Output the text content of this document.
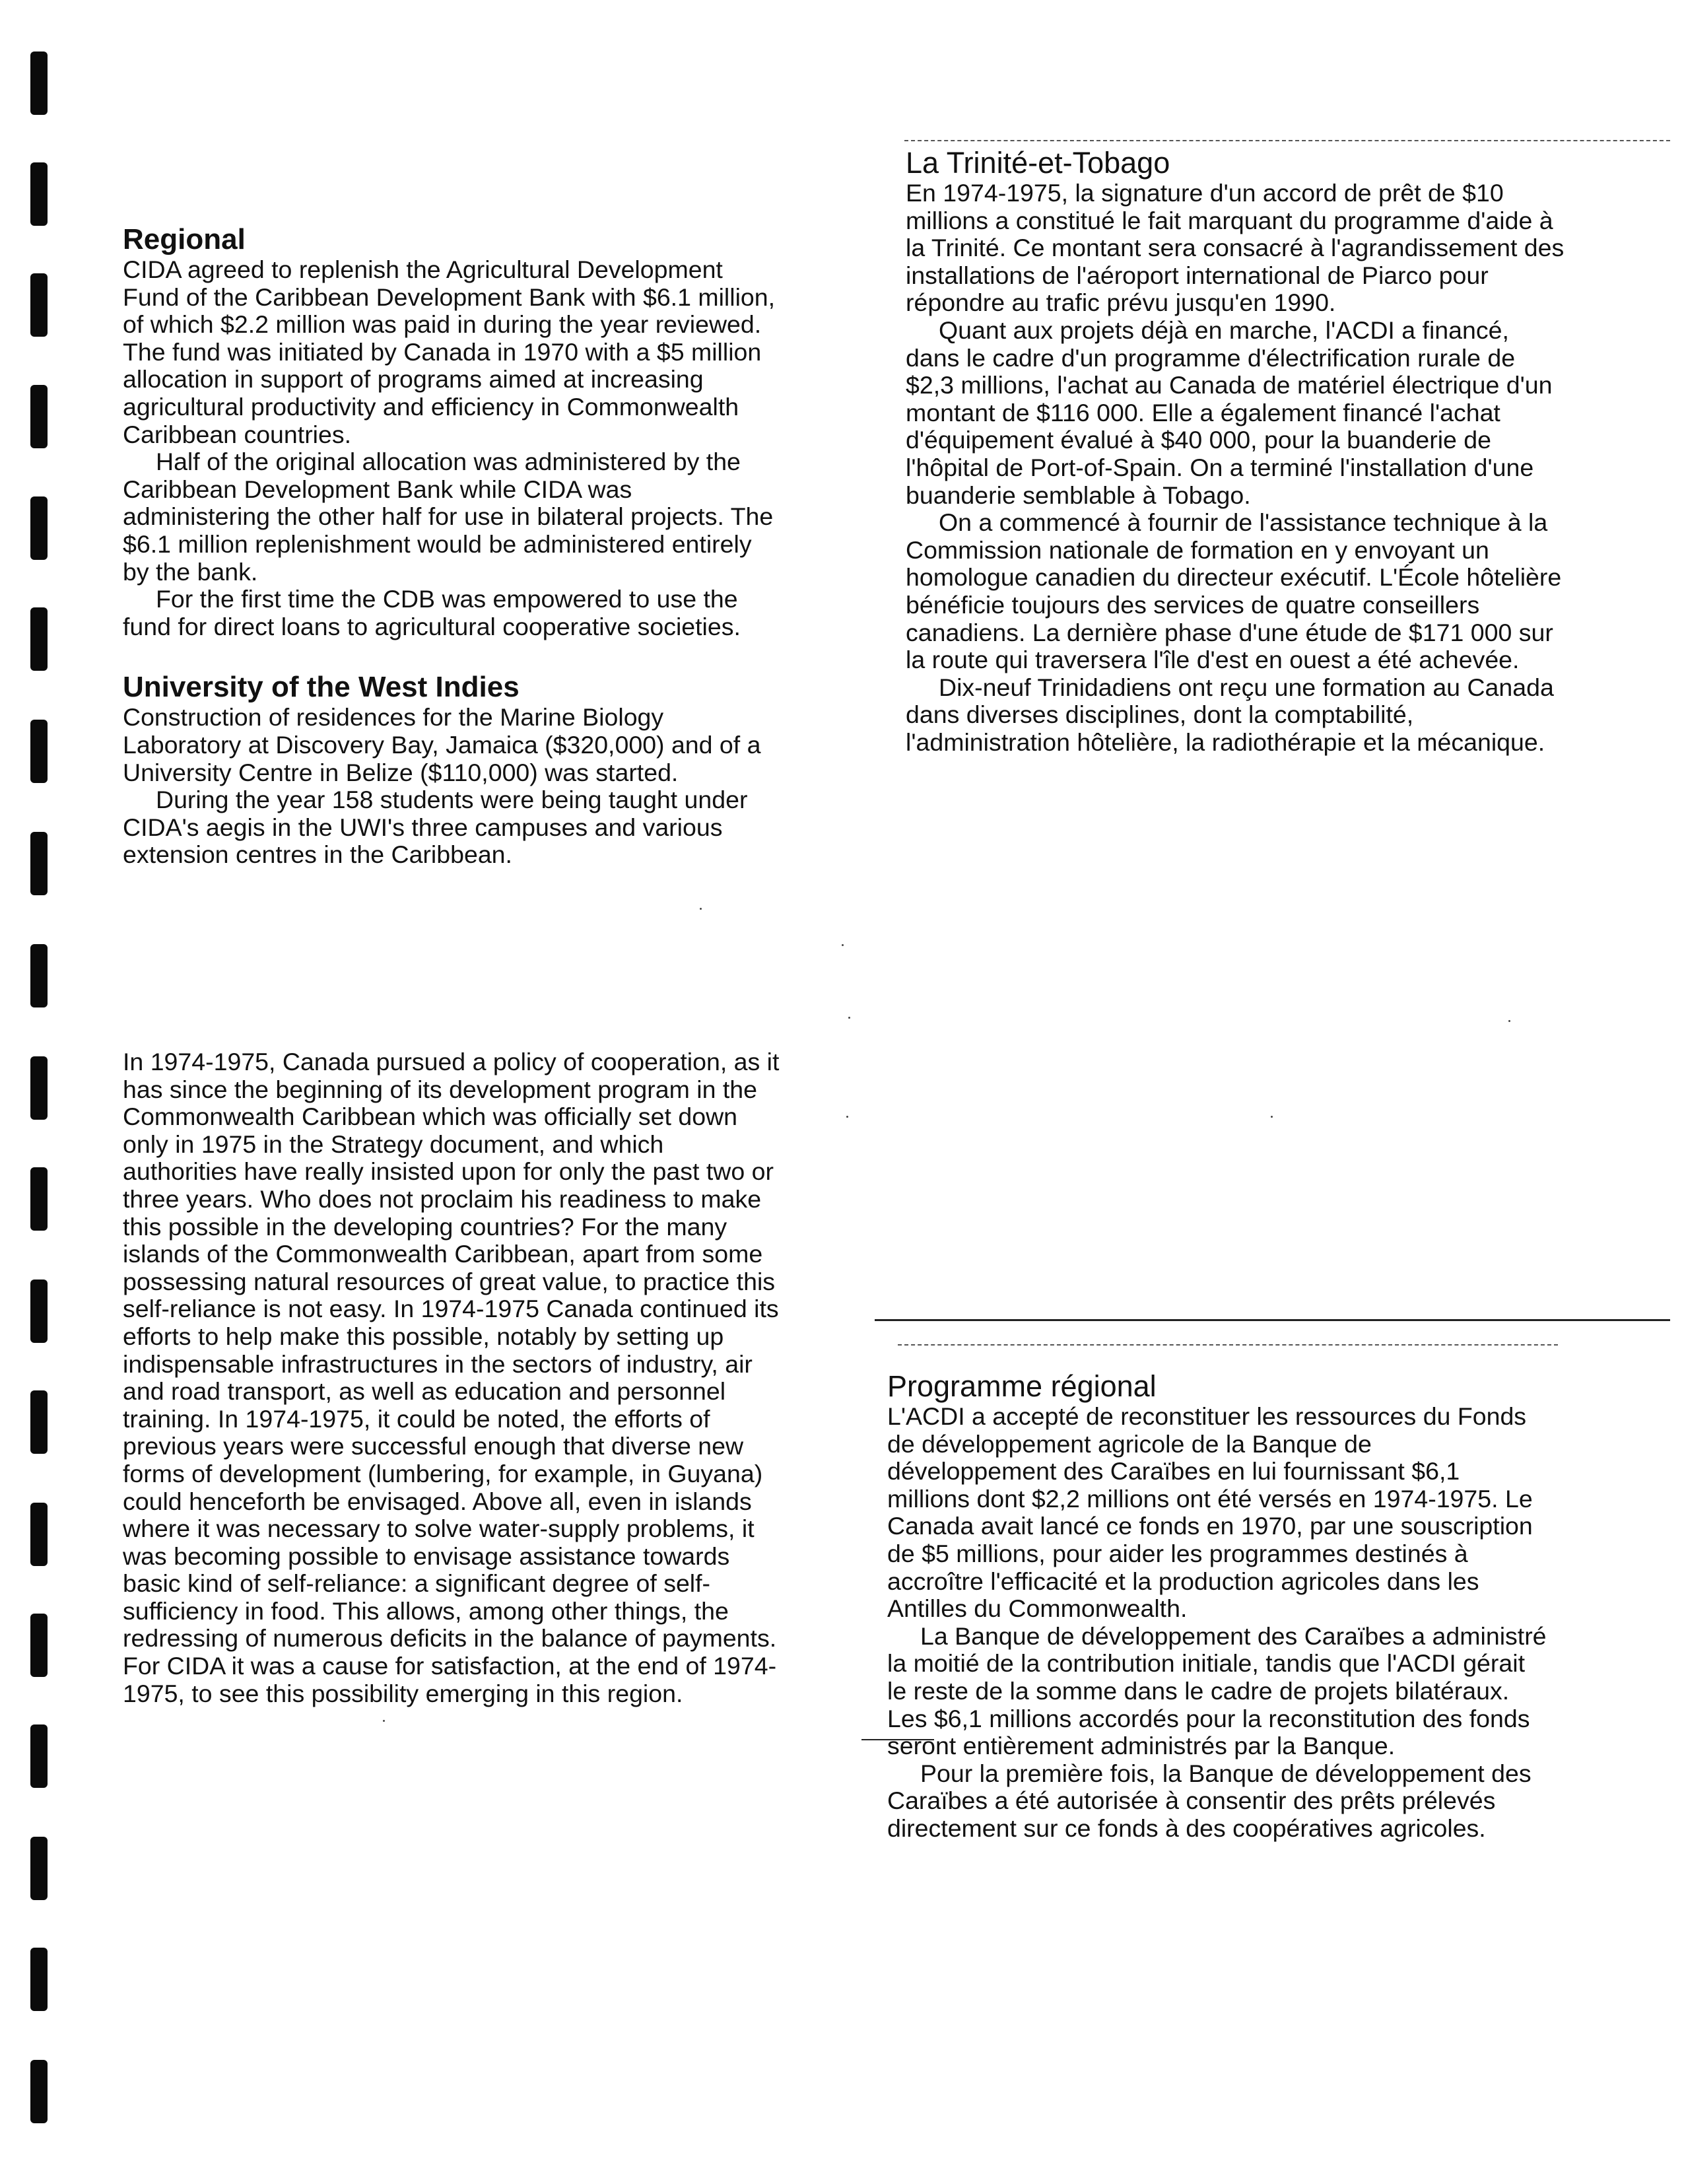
Regional

CIDA agreed to replenish the Agricultural Development Fund of the Caribbean Development Bank with $6.1 million, of which $2.2 million was paid in during the year reviewed. The fund was initiated by Canada in 1970 with a $5 million allocation in support of programs aimed at increasing agricultural productivity and efficiency in Commonwealth Caribbean countries.

Half of the original allocation was administered by the Caribbean Development Bank while CIDA was administering the other half for use in bilateral projects. The $6.1 million replenishment would be administered entirely by the bank.

For the first time the CDB was empowered to use the fund for direct loans to agricultural cooperative societies.

University of the West Indies

Construction of residences for the Marine Biology Laboratory at Discovery Bay, Jamaica ($320,000) and of a University Centre in Belize ($110,000) was started.

During the year 158 students were being taught under CIDA's aegis in the UWI's three campuses and various extension centres in the Caribbean.

In 1974-1975, Canada pursued a policy of cooperation, as it has since the beginning of its development program in the Commonwealth Caribbean which was officially set down only in 1975 in the Strategy document, and which authorities have really insisted upon for only the past two or three years. Who does not proclaim his readiness to make this possible in the developing countries? For the many islands of the Commonwealth Caribbean, apart from some possessing natural resources of great value, to practice this self-reliance is not easy. In 1974-1975 Canada continued its efforts to help make this possible, notably by setting up indispensable infrastructures in the sectors of industry, air and road transport, as well as education and personnel training. In 1974-1975, it could be noted, the efforts of previous years were successful enough that diverse new forms of development (lumbering, for example, in Guyana) could henceforth be envisaged. Above all, even in islands where it was necessary to solve water-supply problems, it was becoming possible to envisage assistance towards basic kind of self-reliance: a significant degree of self-sufficiency in food. This allows, among other things, the redressing of numerous deficits in the balance of payments. For CIDA it was a cause for satisfaction, at the end of 1974-1975, to see this possibility emerging in this region.

La Trinité-et-Tobago

En 1974-1975, la signature d'un accord de prêt de $10 millions a constitué le fait marquant du programme d'aide à la Trinité. Ce montant sera consacré à l'agrandissement des installations de l'aéroport international de Piarco pour répondre au trafic prévu jusqu'en 1990.

Quant aux projets déjà en marche, l'ACDI a financé, dans le cadre d'un programme d'électrification rurale de $2,3 millions, l'achat au Canada de matériel électrique d'un montant de $116 000. Elle a également financé l'achat d'équipement évalué à $40 000, pour la buanderie de l'hôpital de Port-of-Spain. On a terminé l'installation d'une buanderie semblable à Tobago.

On a commencé à fournir de l'assistance technique à la Commission nationale de formation en y envoyant un homologue canadien du directeur exécutif. L'École hôtelière bénéficie toujours des services de quatre conseillers canadiens. La dernière phase d'une étude de $171 000 sur la route qui traversera l'île d'est en ouest a été achevée.

Dix-neuf Trinidadiens ont reçu une formation au Canada dans diverses disciplines, dont la comptabilité, l'administration hôtelière, la radiothérapie et la mécanique.

Programme régional

L'ACDI a accepté de reconstituer les ressources du Fonds de développement agricole de la Banque de développement des Caraïbes en lui fournissant $6,1 millions dont $2,2 millions ont été versés en 1974-1975. Le Canada avait lancé ce fonds en 1970, par une souscription de $5 millions, pour aider les programmes destinés à accroître l'efficacité et la production agricoles dans les Antilles du Commonwealth.

La Banque de développement des Caraïbes a administré la moitié de la contribution initiale, tandis que l'ACDI gérait le reste de la somme dans le cadre de projets bilatéraux. Les $6,1 millions accordés pour la reconstitution des fonds seront entièrement administrés par la Banque.

Pour la première fois, la Banque de développement des Caraïbes a été autorisée à consentir des prêts prélevés directement sur ce fonds à des coopératives agricoles.
